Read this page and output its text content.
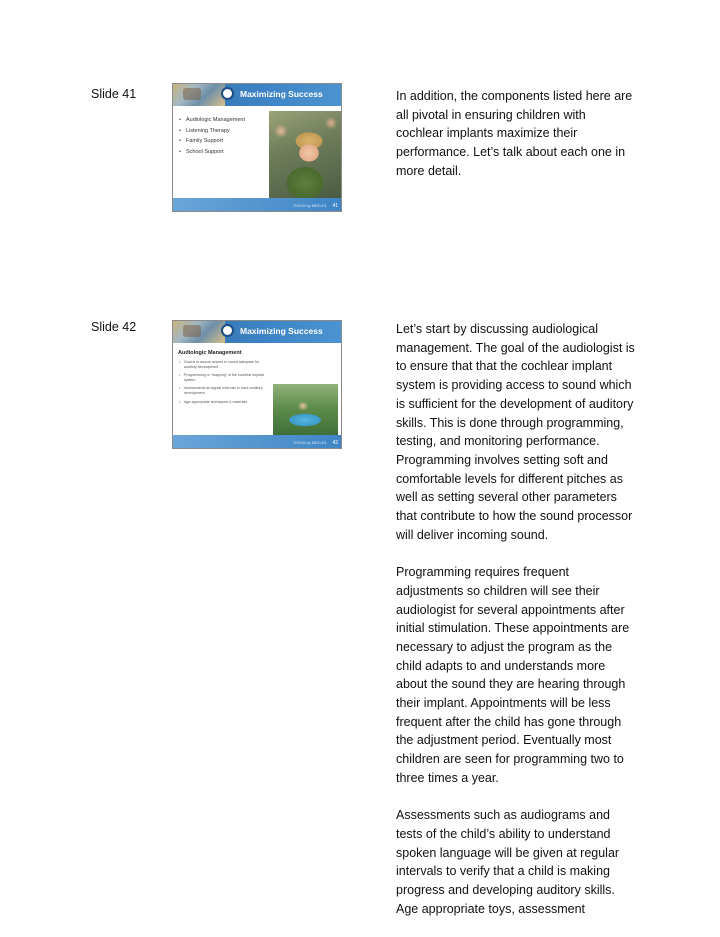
Slide 41	Maximizing Success
• Audiologic Management
• Listening Therapy
• Family Support
• School Support
©2016 by MED-EL 41

In addition, the components listed here are all pivotal in ensuring children with cochlear implants maximize their performance. Let’s talk about each one in more detail.

Slide 42	Maximizing Success
Audiologic Management
• Goal is to assure access to sound adequate for auditory development
• Programming or “mapping” of the cochlear implant system
• Assessments at regular intervals to track auditory development
• Age-appropriate techniques & materials
©2016 by MED-EL 42

Let’s start by discussing audiological management. The goal of the audiologist is to ensure that that the cochlear implant system is providing access to sound which is sufficient for the development of auditory skills. This is done through programming, testing, and monitoring performance. Programming involves setting soft and comfortable levels for different pitches as well as setting several other parameters that contribute to how the sound processor will deliver incoming sound.

Programming requires frequent adjustments so children will see their audiologist for several appointments after initial stimulation. These appointments are necessary to adjust the program as the child adapts to and understands more about the sound they are hearing through their implant. Appointments will be less frequent after the child has gone through the adjustment period. Eventually most children are seen for programming two to three times a year.

Assessments such as audiograms and tests of the child’s ability to understand spoken language will be given at regular intervals to verify that a child is making progress and developing auditory skills. Age appropriate toys, assessment
